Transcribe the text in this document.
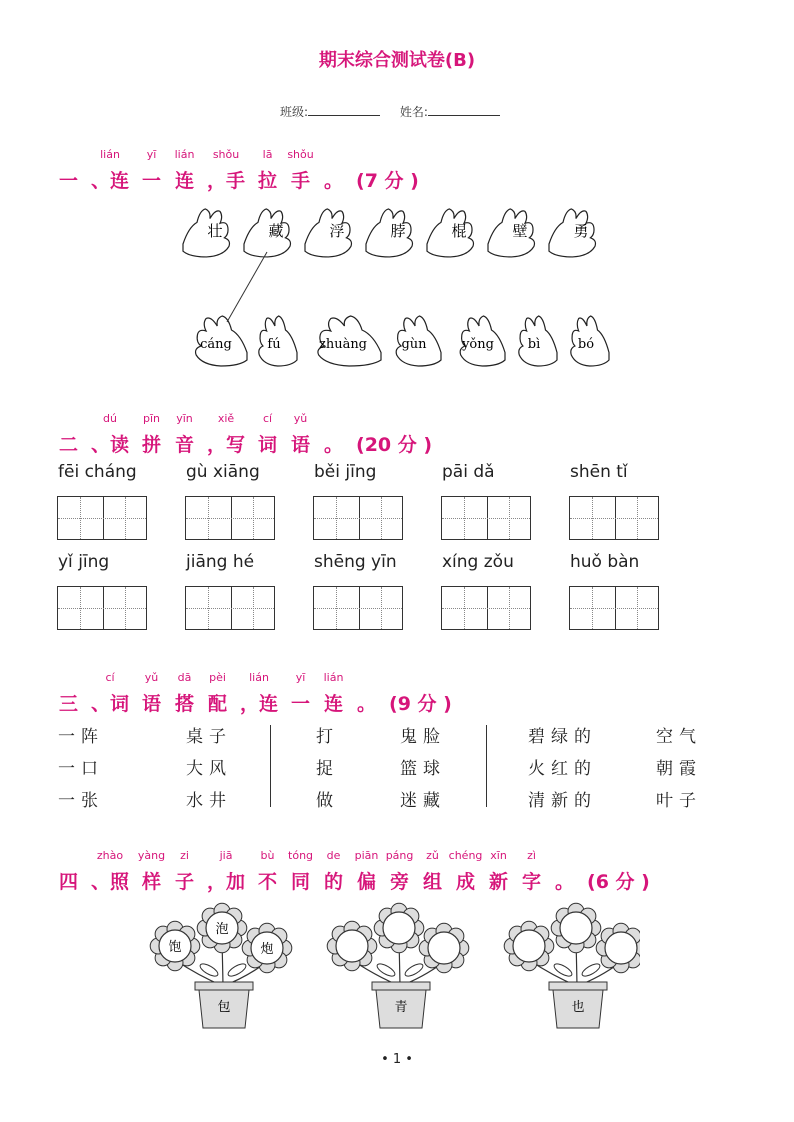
期末综合测试卷(B)
班级:	姓名:
一
lián
、连
yī
一
lián
连
shǒu
，手
lā
拉
shǒu
手 。 (7 分 )
壮	藏	浮	脖	棍	壁	勇
cáng	fú	zhuàng	gùn	yǒng	bì	bó
二
dú
、读
pīn
拼
yīn
音
xiě
，写
cí
词
yǔ
语 。 (20 分 )
fēi cháng	gù xiāng	běi jīng	pāi dǎ	shēn tǐ
yǐ jīng	jiāng hé	shēng yīn	xíng zǒu	huǒ bàn
三
cí
、词
yǔ
语
dā
搭
pèi
配
lián
，连
yī
一
lián
连 。 (9 分 )
一阵	桌子	打	鬼脸	碧绿的	空气
一口	大风	捉	篮球	火红的	朝霞
一张	水井	做	迷藏	清新的	叶子
四
zhào
、照
yàng
样
zi
子
jiā
，加
bù
不
tóng
同
de
的
piān
偏
páng
旁
zǔ
组
chéng
成
xīn
新
zì
字 。 (6 分 )
饱
泡
炮
包	青	也
• 1 •
